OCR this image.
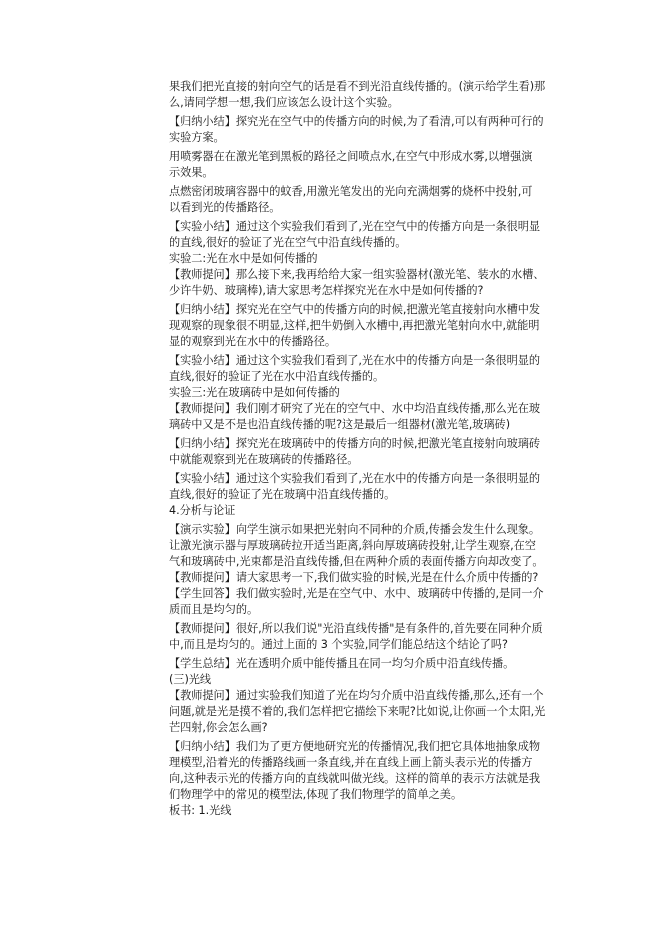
果我们把光直接的射向空气的话是看不到光沿直线传播的。(演示给学生看)那
么,请同学想一想,我们应该怎么设计这个实验。
【归纳小结】探究光在空气中的传播方向的时候,为了看清,可以有两种可行的
实验方案。
用喷雾器在在激光笔到黑板的路径之间喷点水,在空气中形成水雾,以增强演
示效果。
点燃密闭玻璃容器中的蚊香,用激光笔发出的光向充满烟雾的烧杯中投射,可
以看到光的传播路径。
【实验小结】通过这个实验我们看到了,光在空气中的传播方向是一条很明显
的直线,很好的验证了光在空气中沿直线传播的。
实验二:光在水中是如何传播的
【教师提问】那么接下来,我再给给大家一组实验器材(激光笔、装水的水槽、
少许牛奶、玻璃棒),请大家思考怎样探究光在水中是如何传播的?
【归纳小结】探究光在空气中的传播方向的时候,把激光笔直接射向水槽中发
现观察的现象很不明显,这样,把牛奶倒入水槽中,再把激光笔射向水中,就能明
显的观察到光在水中的传播路径。
【实验小结】通过这个实验我们看到了,光在水中的传播方向是一条很明显的
直线,很好的验证了光在水中沿直线传播的。
实验三:光在玻璃砖中是如何传播的
【教师提问】我们刚才研究了光在的空气中、水中均沿直线传播,那么光在玻
璃砖中又是不是也沿直线传播的呢?这是最后一组器材(激光笔,玻璃砖)
【归纳小结】探究光在玻璃砖中的传播方向的时候,把激光笔直接射向玻璃砖
中就能观察到光在玻璃砖的传播路径。
【实验小结】通过这个实验我们看到了,光在水中的传播方向是一条很明显的
直线,很好的验证了光在玻璃中沿直线传播的。
4.分析与论证
【演示实验】向学生演示如果把光射向不同种的介质,传播会发生什么现象。
让激光演示器与厚玻璃砖拉开适当距离,斜向厚玻璃砖投射,让学生观察,在空
气和玻璃砖中,光束都是沿直线传播,但在两种介质的表面传播方向却改变了。
【教师提问】请大家思考一下,我们做实验的时候,光是在什么介质中传播的?
【学生回答】我们做实验时,光是在空气中、水中、玻璃砖中传播的,是同一介
质而且是均匀的。
【教师提问】很好,所以我们说"光沿直线传播"是有条件的,首先要在同种介质
中,而且是均匀的。通过上面的 3 个实验,同学们能总结这个结论了吗?
【学生总结】光在透明介质中能传播且在同一均匀介质中沿直线传播。
(三)光线
【教师提问】通过实验我们知道了光在均匀介质中沿直线传播,那么,还有一个
问题,就是光是摸不着的,我们怎样把它描绘下来呢?比如说,让你画一个太阳,光
芒四射,你会怎么画?
【归纳小结】我们为了更方便地研究光的传播情况,我们把它具体地抽象成物
理模型,沿着光的传播路线画一条直线,并在直线上画上箭头表示光的传播方
向,这种表示光的传播方向的直线就叫做光线。这样的简单的表示方法就是我
们物理学中的常见的模型法,体现了我们物理学的简单之美。
板书: 1.光线
